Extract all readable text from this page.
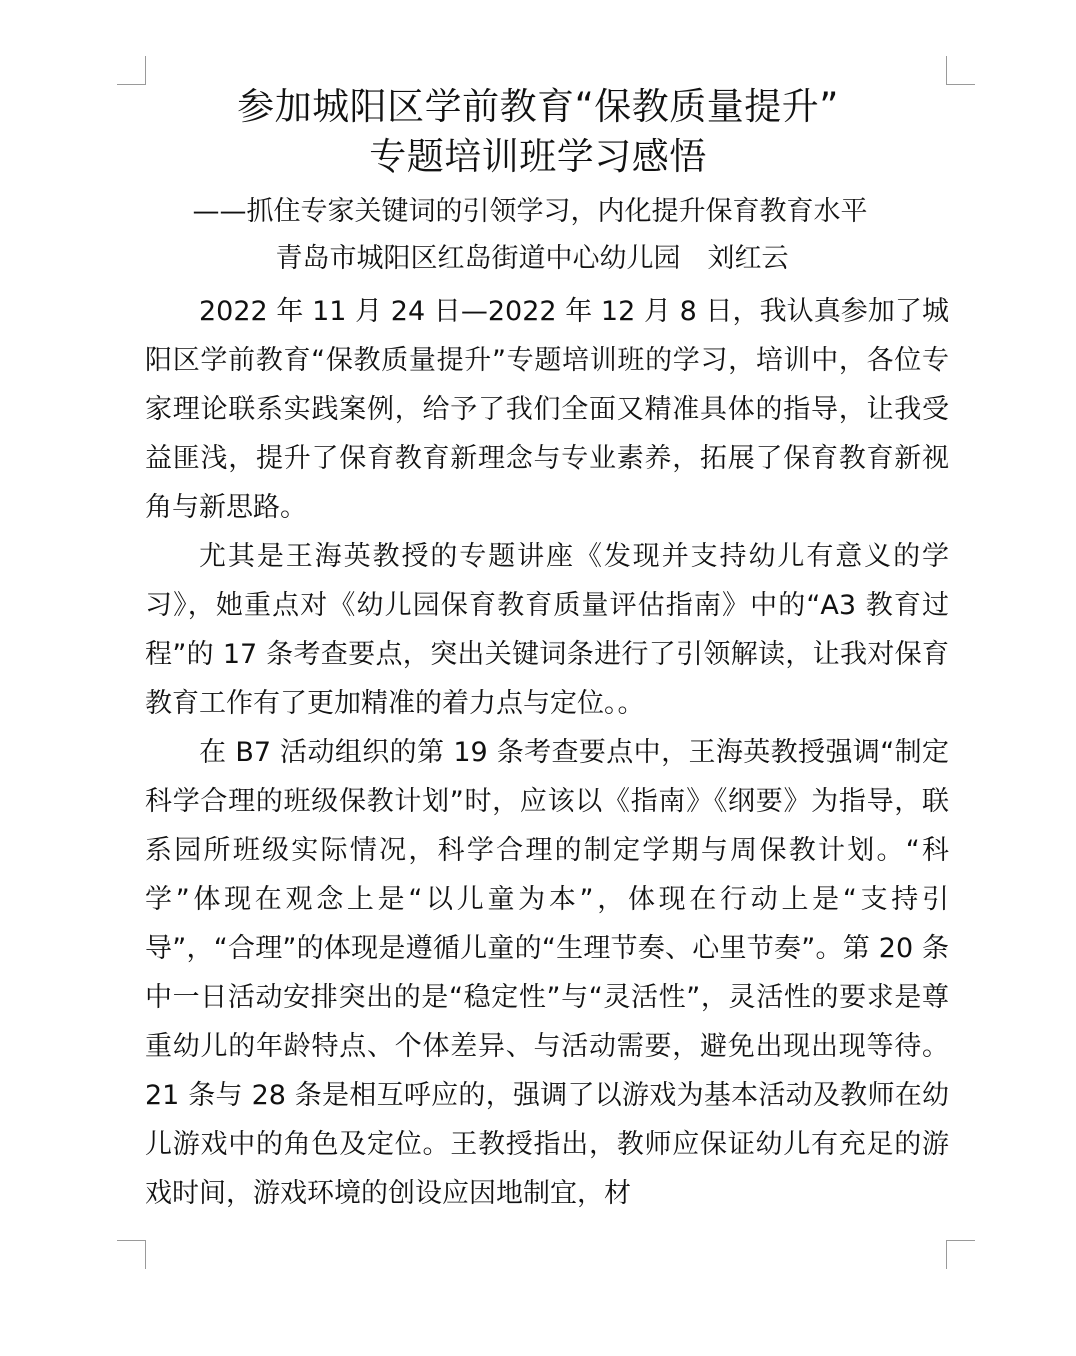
参加城阳区学前教育“保教质量提升”
专题培训班学习感悟
——抓住专家关键词的引领学习，内化提升保育教育水平
青岛市城阳区红岛街道中心幼儿园　刘红云

2022 年 11 月 24 日—2022 年 12 月 8 日，我认真参加了城阳区学前教育“保教质量提升”专题培训班的学习，培训中，各位专家理论联系实践案例，给予了我们全面又精准具体的指导，让我受益匪浅，提升了保育教育新理念与专业素养，拓展了保育教育新视角与新思路。

尤其是王海英教授的专题讲座《发现并支持幼儿有意义的学习》，她重点对《幼儿园保育教育质量评估指南》中的“A3 教育过程”的 17 条考查要点，突出关键词条进行了引领解读，让我对保育教育工作有了更加精准的着力点与定位。。

在 B7 活动组织的第 19 条考查要点中，王海英教授强调“制定科学合理的班级保教计划”时，应该以《指南》《纲要》为指导，联系园所班级实际情况，科学合理的制定学期与周保教计划。“科学”体现在观念上是“以儿童为本”，体现在行动上是“支持引导”，“合理”的体现是遵循儿童的“生理节奏、心里节奏”。第 20 条中一日活动安排突出的是“稳定性”与“灵活性”，灵活性的要求是尊重幼儿的年龄特点、个体差异、与活动需要，避免出现出现等待。21 条与 28 条是相互呼应的，强调了以游戏为基本活动及教师在幼儿游戏中的角色及定位。王教授指出，教师应保证幼儿有充足的游戏时间，游戏环境的创设应因地制宜，材
